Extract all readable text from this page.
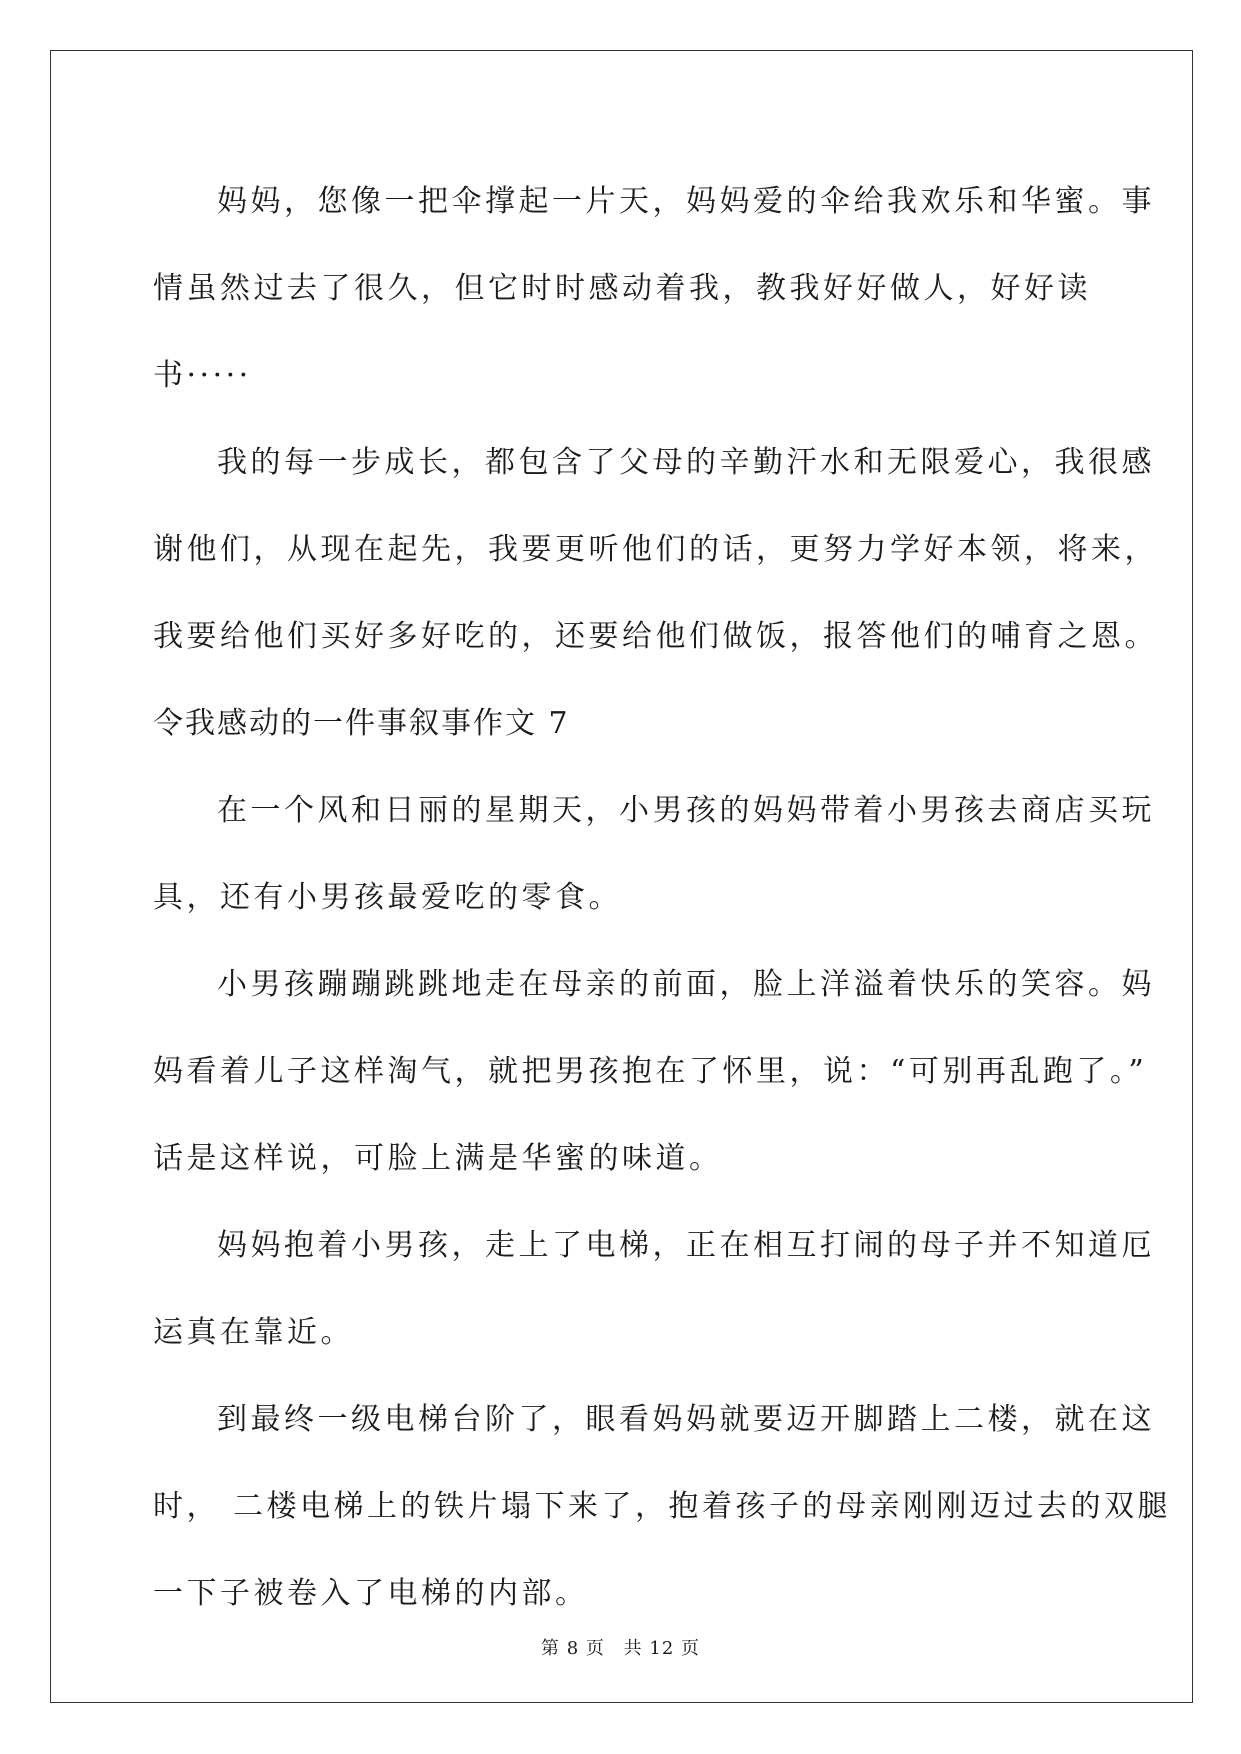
妈妈，您像一把伞撑起一片天，妈妈爱的伞给我欢乐和华蜜。事
情虽然过去了很久，但它时时感动着我，教我好好做人，好好读
书·····

我的每一步成长，都包含了父母的辛勤汗水和无限爱心，我很感
谢他们，从现在起先，我要更听他们的话，更努力学好本领，将来，
我要给他们买好多好吃的，还要给他们做饭，报答他们的哺育之恩。

令我感动的一件事叙事作文 7

在一个风和日丽的星期天，小男孩的妈妈带着小男孩去商店买玩
具，还有小男孩最爱吃的零食。

小男孩蹦蹦跳跳地走在母亲的前面，脸上洋溢着快乐的笑容。妈
妈看着儿子这样淘气，就把男孩抱在了怀里，说：“可别再乱跑了。”
话是这样说，可脸上满是华蜜的味道。

妈妈抱着小男孩，走上了电梯，正在相互打闹的母子并不知道厄
运真在靠近。

到最终一级电梯台阶了，眼看妈妈就要迈开脚踏上二楼，就在这
时， 二楼电梯上的铁片塌下来了，抱着孩子的母亲刚刚迈过去的双腿
一下子被卷入了电梯的内部。

第 8 页 共 12 页
